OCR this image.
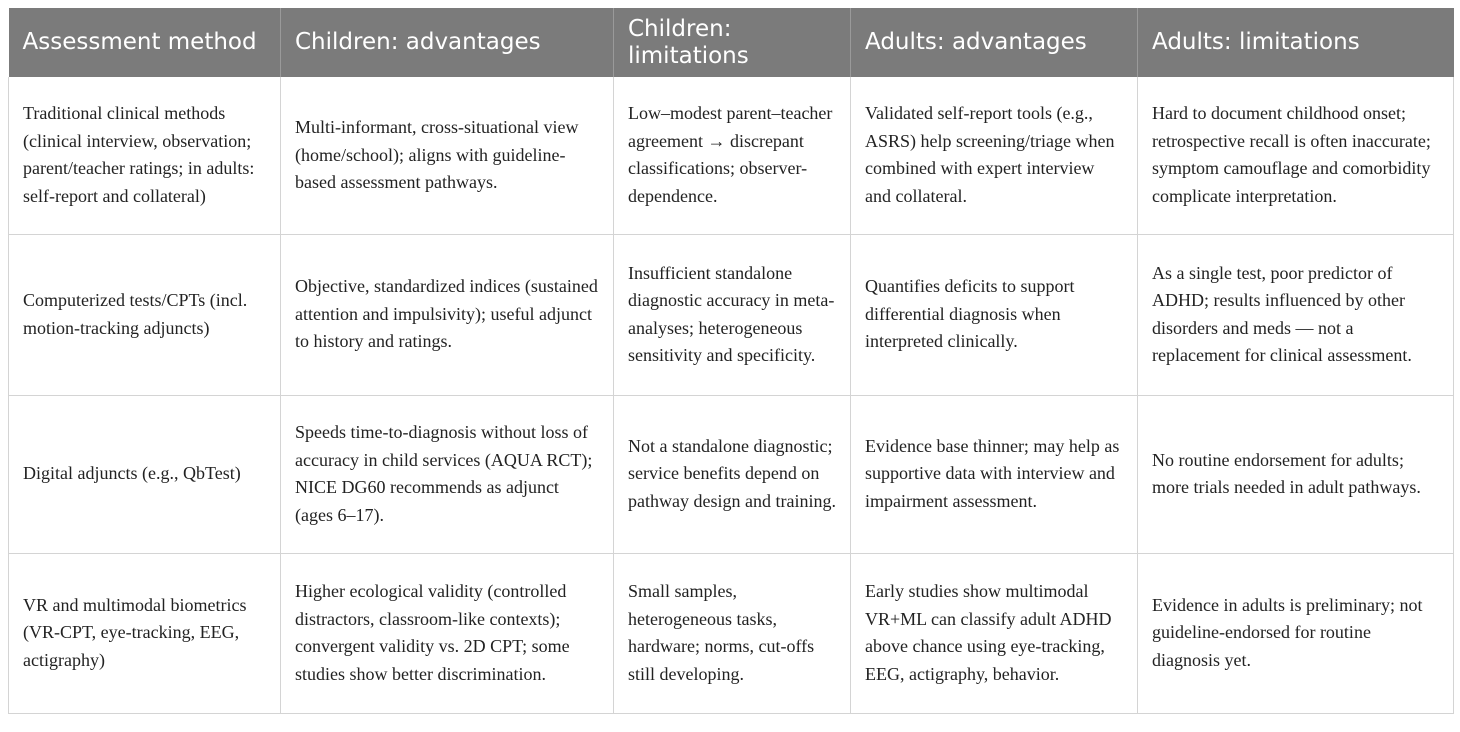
Assessment method	Children: advantages	Children: limitations	Adults: advantages	Adults: limitations
Traditional clinical methods (clinical interview, observation; parent/teacher ratings; in adults: self-report and collateral)	Multi-informant, cross-situational view (home/school); aligns with guideline-based assessment pathways.	Low–modest parent–teacher agreement → discrepant classifications; observer-dependence.	Validated self-report tools (e.g., ASRS) help screening/triage when combined with expert interview and collateral.	Hard to document childhood onset; retrospective recall is often inaccurate; symptom camouflage and comorbidity complicate interpretation.
Computerized tests/CPTs (incl. motion-tracking adjuncts)	Objective, standardized indices (sustained attention and impulsivity); useful adjunct to history and ratings.	Insufficient standalone diagnostic accuracy in meta-analyses; heterogeneous sensitivity and specificity.	Quantifies deficits to support differential diagnosis when interpreted clinically.	As a single test, poor predictor of ADHD; results influenced by other disorders and meds — not a replacement for clinical assessment.
Digital adjuncts (e.g., QbTest)	Speeds time-to-diagnosis without loss of accuracy in child services (AQUA RCT); NICE DG60 recommends as adjunct (ages 6–17).	Not a standalone diagnostic; service benefits depend on pathway design and training.	Evidence base thinner; may help as supportive data with interview and impairment assessment.	No routine endorsement for adults; more trials needed in adult pathways.
VR and multimodal biometrics (VR-CPT, eye-tracking, EEG, actigraphy)	Higher ecological validity (controlled distractors, classroom-like contexts); convergent validity vs. 2D CPT; some studies show better discrimination.	Small samples, heterogeneous tasks, hardware; norms, cut-offs still developing.	Early studies show multimodal VR+ML can classify adult ADHD above chance using eye-tracking, EEG, actigraphy, behavior.	Evidence in adults is preliminary; not guideline-endorsed for routine diagnosis yet.
